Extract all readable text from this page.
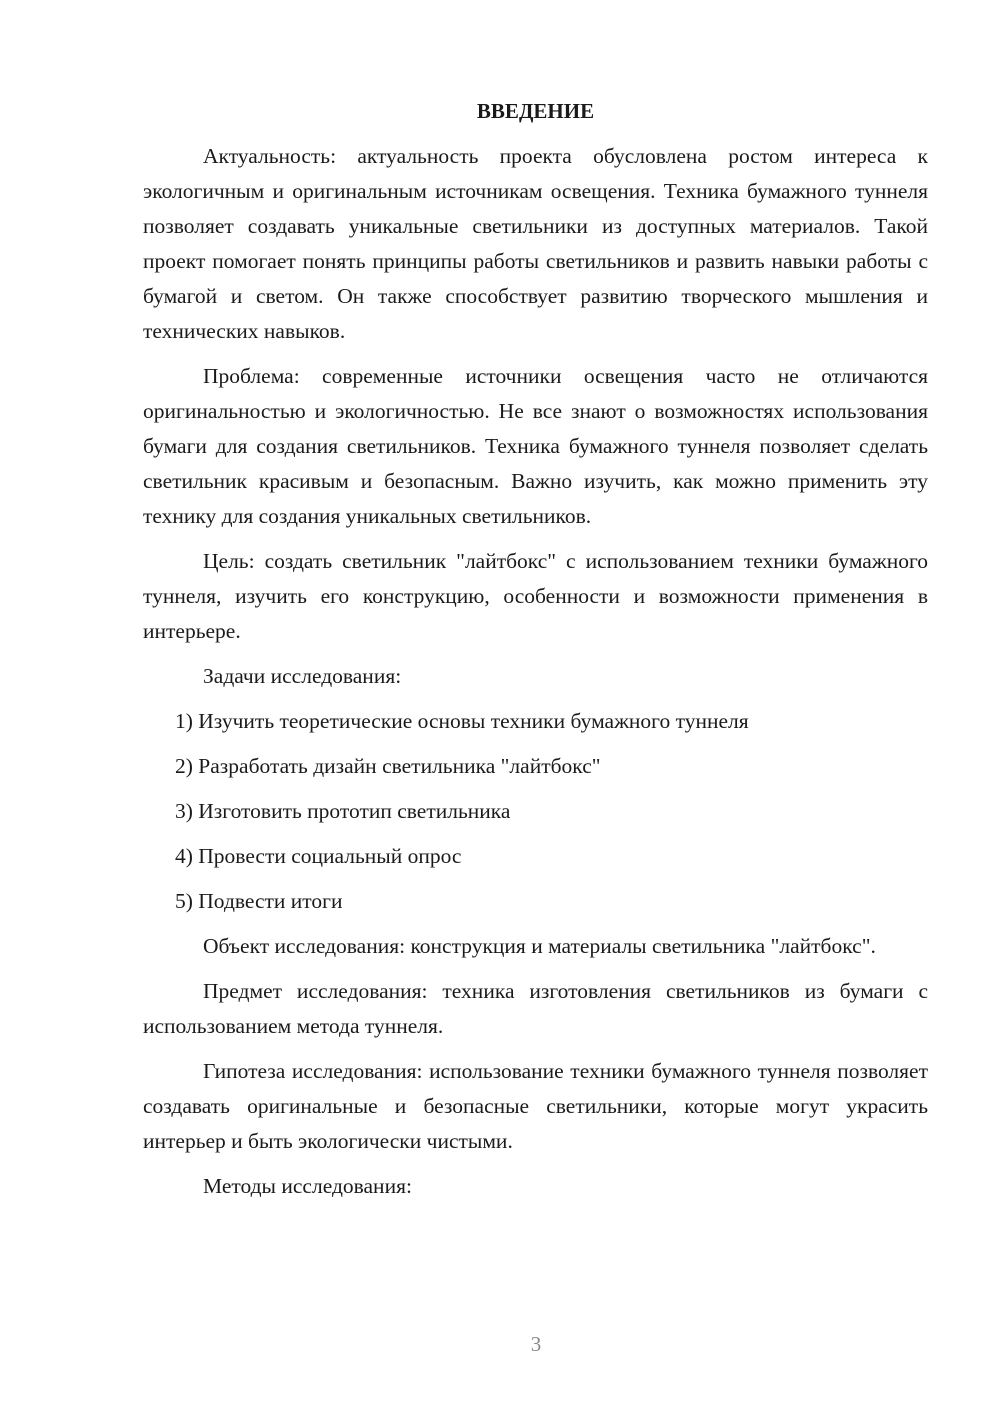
ВВЕДЕНИЕ

Актуальность: актуальность проекта обусловлена ростом интереса к экологичным и оригинальным источникам освещения. Техника бумажного туннеля позволяет создавать уникальные светильники из доступных материалов. Такой проект помогает понять принципы работы светильников и развить навыки работы с бумагой и светом. Он также способствует развитию творческого мышления и технических навыков.

Проблема: современные источники освещения часто не отличаются оригинальностью и экологичностью. Не все знают о возможностях использования бумаги для создания светильников. Техника бумажного туннеля позволяет сделать светильник красивым и безопасным. Важно изучить, как можно применить эту технику для создания уникальных светильников.

Цель: создать светильник "лайтбокс" с использованием техники бумажного туннеля, изучить его конструкцию, особенности и возможности применения в интерьере.

Задачи исследования:

1) Изучить теоретические основы техники бумажного туннеля
2) Разработать дизайн светильника "лайтбокс"
3) Изготовить прототип светильника
4) Провести социальный опрос
5) Подвести итоги

Объект исследования: конструкция и материалы светильника "лайтбокс".

Предмет исследования: техника изготовления светильников из бумаги с использованием метода туннеля.

Гипотеза исследования: использование техники бумажного туннеля позволяет создавать оригинальные и безопасные светильники, которые могут украсить интерьер и быть экологически чистыми.

Методы исследования:

3
